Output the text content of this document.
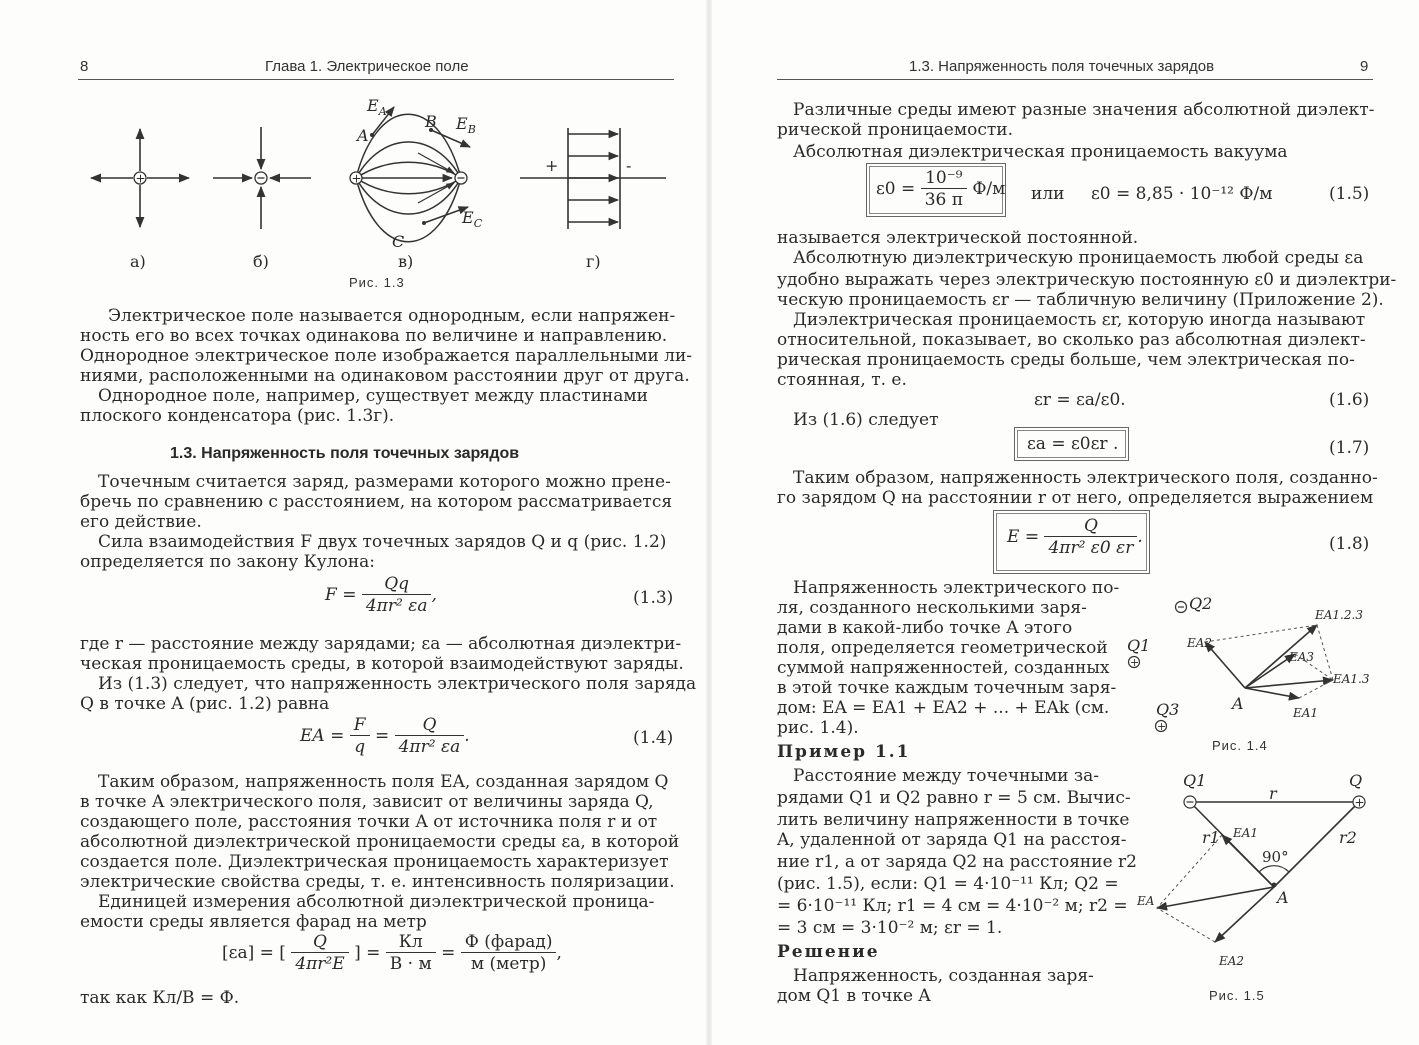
8	Глава 1. Электрическое поле
+	+
$E_A$
A
B $E_B$
$E_C$
C
+	-
а)	б)	в)	г)
Рис. 1.3
Электрическое поле называется однородным, если напряжен-
ность его во всех точках одинакова по величине и направлению.
Однородное электрическое поле изображается параллельными ли-
ниями, расположенными на одинаковом расстоянии друг от друга.
Однородное поле, например, существует между пластинами
плоского конденсатора (рис. 1.3г).
1.3. Напряженность поля точечных зарядов
Точечным считается заряд, размерами которого можно прене-
бречь по сравнению с расстоянием, на котором рассматривается
его действие.
Сила взаимодействия F двух точечных зарядов Q и q (рис. 1.2)
определяется по закону Кулона:
$F = \frac{Qq}{\text{4πr² εа}}$ ,	(1.3)
где r — расстояние между зарядами; εа — абсолютная диэлектри-
ческая проницаемость среды, в которой взаимодействуют заряды.
Из (1.3) следует, что напряженность электрического поля заряда
Q в точке A (рис. 1.2) равна
EA = $\frac{F}{q} = \frac{Q}{\text{4πr² εа}}$ .	(1.4)
Таким образом, напряженность поля EA, созданная зарядом Q
в точке A электрического поля, зависит от величины заряда Q,
создающего поле, расстояния точки A от источника поля r и от
абсолютной диэлектрической проницаемости среды εа, в которой
создается поле. Диэлектрическая проницаемость характеризует
электрические свойства среды, т. е. интенсивность поляризации.
Единицей измерения абсолютной диэлектрической проница-
емости среды является фарад на метр
[εа] = [ $\frac{Q}{\text{4πr²E}}$ ] = $\frac{Кл}{В \cdot м} = \frac{\text{Ф (фарад)}}{\text{м (метр)}}$ ,
так как Кл/В = Ф.
1.3. Напряженность поля точечных зарядов	9
Различные среды имеют разные значения абсолютной диэлект-
рической проницаемости.
Абсолютная диэлектрическая проницаемость вакуума
$\varepsilon 0 = \frac{\text{10⁻⁹}}{36 \pi} Ф/м$ или ε0 = 8,85 · 10⁻¹² Ф/м	(1.5)
называется электрической постоянной.
Абсолютную диэлектрическую проницаемость любой среды εа
удобно выражать через электрическую постоянную ε0 и диэлектри-
ческую проницаемость εr — табличную величину (Приложение 2).
Диэлектрическая проницаемость εr, которую иногда называют
относительной, показывает, во сколько раз абсолютная диэлект-
рическая проницаемость среды больше, чем электрическая по-
стоянная, т. е.
εr = εа/ε0.	(1.6)
Из (1.6) следует
εа = ε0εr .	(1.7)
Таким образом, напряженность электрического поля, созданно-
го зарядом Q на расстоянии r от него, определяется выражением
$E = \frac{Q}{\text{4πr² ε0 εr}}$ .	(1.8)
Напряженность электрического по-
ля, созданного несколькими заря-
дами в какой-либо точке A этого
поля, определяется геометрической
суммой напряженностей, созданных
в этой точке каждым точечным заря-
дом: EA = EA1 + EA2 + ... + EAk (см.
рис. 1.4).
Пример 1.1
Расстояние между точечными за-
рядами Q1 и Q2 равно r = 5 см. Вычис-
лить величину напряженности в точке
A, удаленной от заряда Q1 на расстоя-
ние r1, а от заряда Q2 на расстояние r2
(рис. 1.5), если: Q1 = 4·10⁻¹¹ Кл; Q2 =
= 6·10⁻¹¹ Кл; r1 = 4 см = 4·10⁻² м; r2 =
= 3 см = 3·10⁻² м; εr = 1.
Решение
Напряженность, созданная заря-
дом Q1 в точке A
+
+
Q2
Q1
Q3	A
EA1.2.3
EA2
EA3
EA1.3
EA1
Рис. 1.4
+
Q1	Q
r
r1 EA1	r2
90°
A
EA
EA2
Рис. 1.5
